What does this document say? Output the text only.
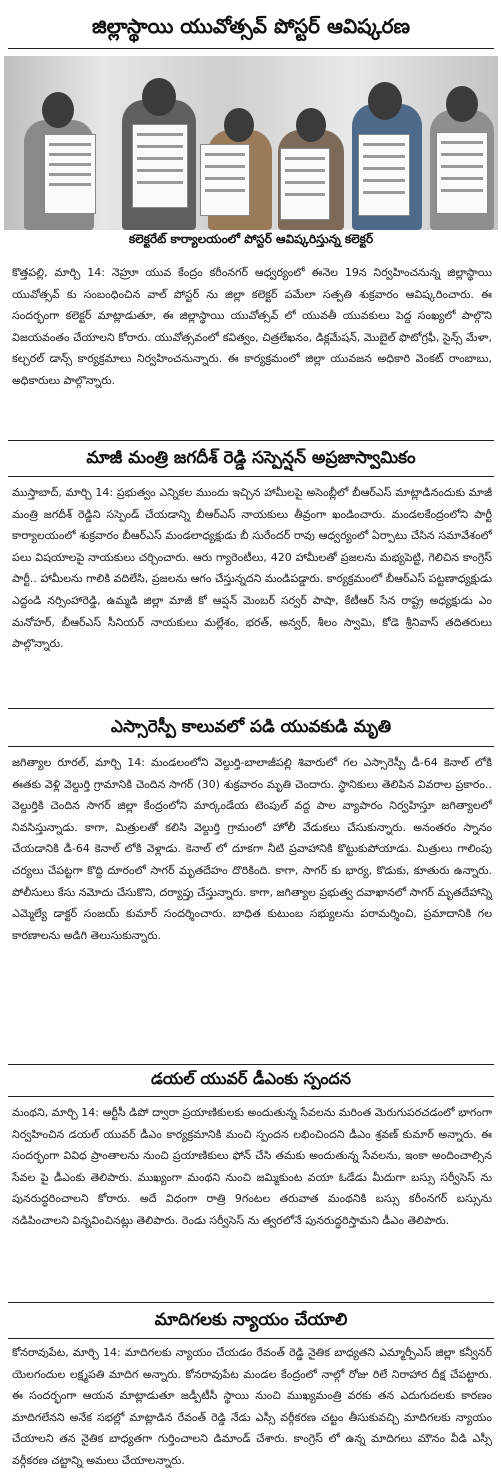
జిల్లాస్థాయి యువోత్సవ్ పోస్టర్ ఆవిష్కరణ
కలెక్టరేట్ కార్యాలయంలో పోస్టర్ ఆవిష్కరిస్తున్న కలెక్టర్
కొత్తపల్లి, మార్చి 14: నెహ్రూ యువ కేంద్రం కరీంనగర్ ఆధ్వర్యంలో ఈనెల 19న నిర్వహించనున్న జిల్లాస్థాయి యువోత్సవ్ కు సంబంధించిన వాల్ పోస్టర్ ను జిల్లా కలెక్టర్ పమేలా సత్పతి శుక్రవారం ఆవిష్కరించారు. ఈ సందర్భంగా కలెక్టర్ మాట్లాడుతూ, ఈ జిల్లాస్థాయి యువోత్సవ్ లో యువతీ యువకులు పెద్ద సంఖ్యలో పాల్గొని విజయవంతం చేయాలని కోరారు. యువోత్సవంలో కవిత్వం, చిత్రలేఖనం, డిక్లమేషన్, మొబైల్ ఫొటోగ్రఫీ, సైన్స్ మేళా, కల్చరల్ డాన్స్ కార్యక్రమాలు నిర్వహించనున్నారు. ఈ కార్యక్రమంలో జిల్లా యువజన అధికారి వెంకట్ రాంబాబు, అధికారులు పాల్గొన్నారు.
మాజీ మంత్రి జగదీశ్ రెడ్డి సస్పెన్షన్ అప్రజాస్వామికం
ముస్తాబాద్, మార్చి 14: ప్రభుత్వం ఎన్నికల ముందు ఇచ్చిన హామీలపై అసెంబ్లీలో బీఆర్ఎస్ మాట్లాడినందుకు మాజీ మంత్రి జగదీశ్ రెడ్డిని సస్పెండ్ చేయడాన్ని బీఆర్ఎస్ నాయకులు తీవ్రంగా ఖండించారు. మండలకేంద్రంలోని పార్టీ కార్యాలయంలో శుక్రవారం బీఆర్ఎస్ మండలాధ్యక్షుడు బీ సురేందర్ రావు ఆధ్వర్యంలో ఏర్పాటు చేసిన సమావేశంలో పలు విషయాలపై నాయకులు చర్చించారు. ఆరు గ్యారెంటీలు, 420 హామీలతో ప్రజలను మభ్యపెట్టి, గెలిచిన కాంగ్రెస్ పార్టీ.. హామీలను గాలికి వదిలేసి, ప్రజలను ఆగం చేస్తున్నదని మండిపడ్డారు. కార్యక్రమంలో బీఆర్ఎస్ పట్టణాధ్యక్షుడు ఎద్దండి నర్సింహారెడ్డి, ఉమ్మడి జిల్లా మాజీ కో ఆప్షన్ మెంబర్ సర్వర్ పాషా, కేటీఆర్ సేన రాష్ట్ర అధ్యక్షుడు ఎం మనోహర్, బీఆర్ఎస్ సీనియర్ నాయకులు మల్లేశం, భరత్, అన్వర్, శీలం స్వామి, కోడె శ్రీనివాస్ తదితరులు పాల్గొన్నారు.
ఎస్సారెస్పీ కాలువలో పడి యువకుడి మృతి
జగిత్యాల రూరల్, మార్చి 14: మండలంలోని వెల్దుర్తి-బాలాజీపల్లి శివారులో గల ఎస్సారెస్పీ డీ-64 కెనాల్ లోకి ఈతకు వెళ్లి వెల్దుర్తి గ్రామానికి చెందిన సాగర్ (30) శుక్రవారం మృతి చెందారు. స్థానికులు తెలిపిన వివరాల ప్రకారం.. వెల్దుర్తికి చెందిన సాగర్ జిల్లా కేంద్రంలోని మార్కండేయ టెంపుల్ వద్ద పాల వ్యాపారం నిర్వహిస్తూ జగిత్యాలలో నివసిస్తున్నాడు. కాగా, మిత్రులతో కలిసి వెల్దుర్తి గ్రామంలో హోలీ వేడుకలు చేసుకున్నారు. అనంతరం స్నానం చేయడానికి డీ-64 కెనాల్ లోకి వెళ్లాడు. కెనాల్ లో దూకగా నీటి ప్రవాహానికి కొట్టుకుపోయాడు. మిత్రులు గాలింపు చర్యలు చేపట్టగా కొద్ది దూరంలో సాగర్ మృతదేహం దొరికింది. కాగా, సాగర్ కు భార్య, కొడుకు, కూతురు ఉన్నారు. పోలీసులు కేసు నమోదు చేసుకొని, దర్యాప్తు చేస్తున్నారు. కాగా, జగిత్యాల ప్రభుత్వ దవాఖానలో సాగర్ మృతదేహాన్ని ఎమ్మెల్యే డాక్టర్ సంజయ్ కుమార్ సందర్శించారు. బాధిత కుటుంబ సభ్యులను పరామర్శించి, ప్రమాదానికి గల కారణాలను అడిగి తెలుసుకున్నారు.
డయల్ యువర్ డీఎంకు స్పందన
మంథని, మార్చి 14: ఆర్టీసీ డిపో ద్వారా ప్రయాణికులకు అందుతున్న సేవలను మరింత మెరుగుపరచడంలో భాగంగా నిర్వహించిన డయల్ యువర్ డీఎం కార్యక్రమానికి మంచి స్పందన లభించిందని డీఎం శ్రవణ్ కుమార్ అన్నారు. ఈ సందర్భంగా వివిధ ప్రాంతాలను నుంచి ప్రయాణికులు ఫోన్ చేసి తమకు అందుతున్న సేవలను, ఇంకా అందించాల్సిన సేవల పై డీఎంకు తెలిపారు. ముఖ్యంగా మంథని నుంచి జమ్మికుంట వయా ఓడేడు మీదుగా బస్సు సర్వీసెస్ ను పునరుద్ధరించాలని కోరారు. అదే విధంగా రాత్రి 9గంటల తరువాత మంథనికి బస్సు కరీంనగర్ బస్సును నడిపించాలని విన్నవించినట్లు తెలిపారు. రెండు సర్వీసెస్ ను త్వరలోనే పునరుద్ధరిస్తామని డీఎం తెలిపారు.
మాదిగలకు న్యాయం చేయాలి
కోనరావుపేట, మార్చి 14: మాదిగలకు న్యాయం చేయడం రేవంత్ రెడ్డి నైతిక బాధ్యతని ఎమ్మార్పీఎస్ జిల్లా కన్వీనర్ యెలగందుల లక్ష్మపతి మాదిగ అన్నారు. కోనరావుపేట మండల కేంద్రంలో నాల్గో రోజు రిలే నిరాహార దీక్ష చేపట్టారు. ఈ సందర్భంగా ఆయన మాట్లాడుతూ జడ్పీటీసీ స్థాయి నుంచి ముఖ్యమంత్రి వరకు తన ఎదుగుదలకు కారణం మాదిగలేనని అనేక సభల్లో మాట్లాడిన రేవంత్ రెడ్డి నేడు ఎస్సీ వర్గీకరణ చట్టం తీసుకువచ్చి మాదిగలకు న్యాయం చేయాలని తన నైతిక బాధ్యతగా గుర్తించాలని డిమాండ్ చేశారు. కాంగ్రెస్ లో ఉన్న మాదిగలు మౌనం వీడి ఎస్సీ వర్గీకరణ చట్టాన్ని అమలు చేయాలన్నారు.
